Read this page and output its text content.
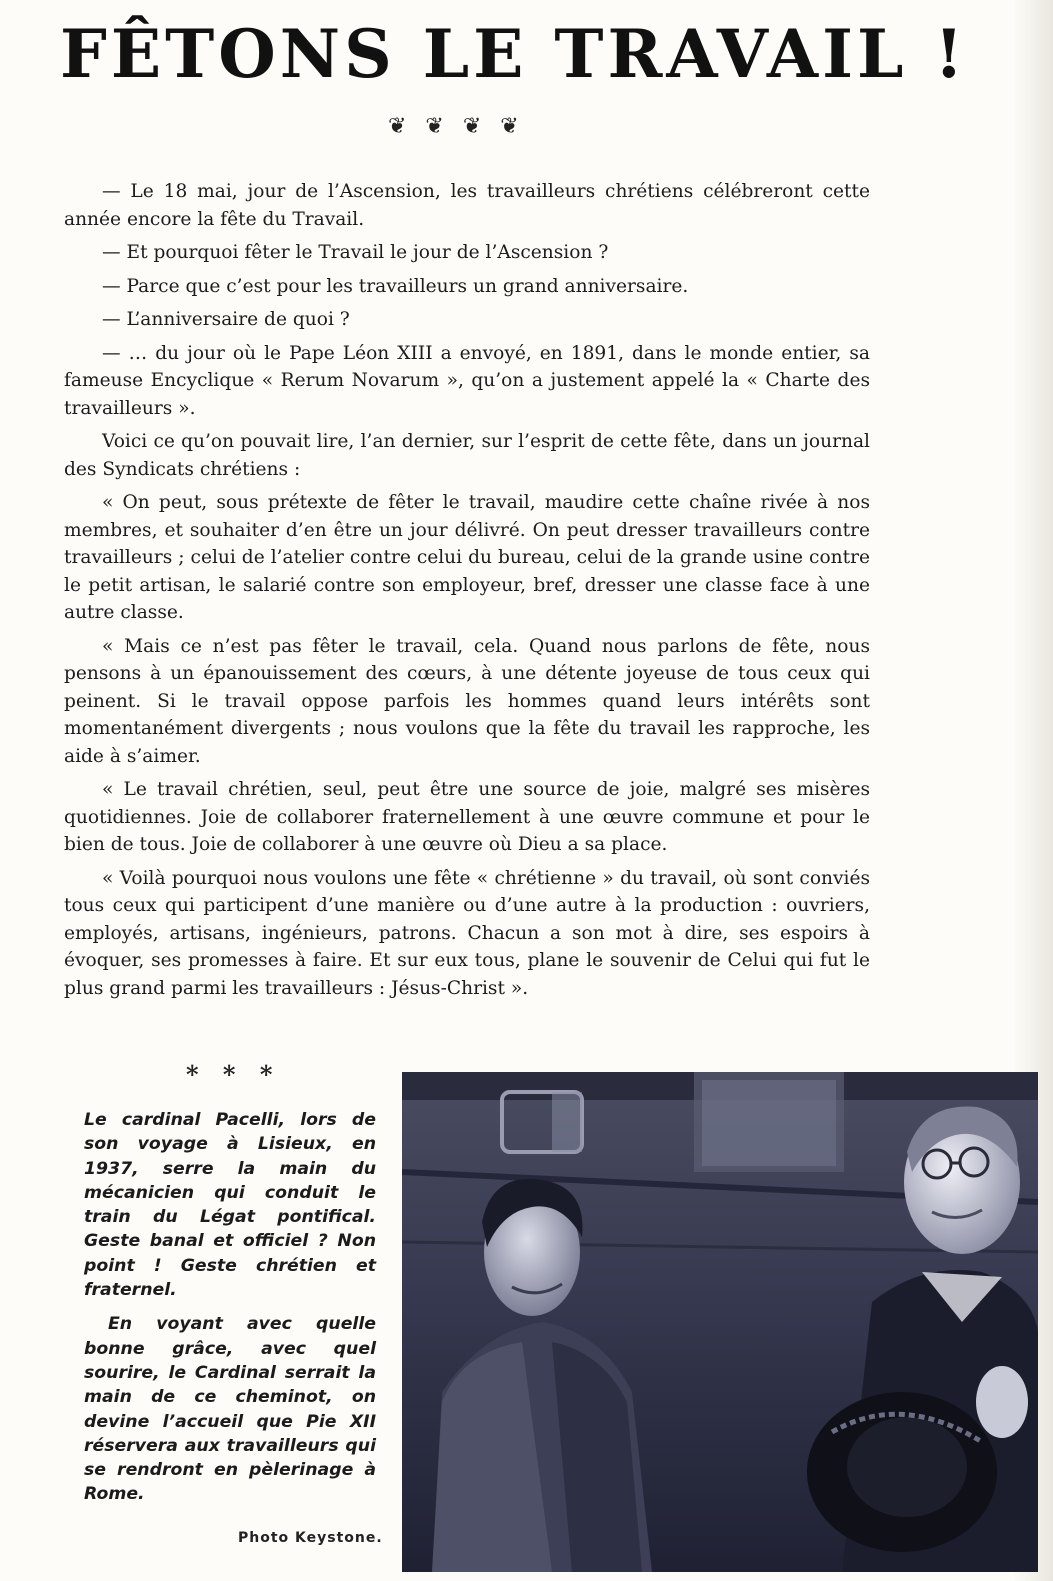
FÊTONS LE TRAVAIL !
❦ ❦ ❦ ❦

— Le 18 mai, jour de l’Ascension, les travailleurs chrétiens célébreront cette année encore la fête du Travail.

— Et pourquoi fêter le Travail le jour de l’Ascension ?

— Parce que c’est pour les travailleurs un grand anniversaire.

— L’anniversaire de quoi ?

— … du jour où le Pape Léon XIII a envoyé, en 1891, dans le monde entier, sa fameuse Encyclique « Rerum Novarum », qu’on a justement appelé la « Charte des travailleurs ».

Voici ce qu’on pouvait lire, l’an dernier, sur l’esprit de cette fête, dans un journal des Syndicats chrétiens :

« On peut, sous prétexte de fêter le travail, maudire cette chaîne rivée à nos membres, et souhaiter d’en être un jour délivré. On peut dresser travailleurs contre travailleurs ; celui de l’atelier contre celui du bureau, celui de la grande usine contre le petit artisan, le salarié contre son employeur, bref, dresser une classe face à une autre classe.

« Mais ce n’est pas fêter le travail, cela. Quand nous parlons de fête, nous pensons à un épanouissement des cœurs, à une détente joyeuse de tous ceux qui peinent. Si le travail oppose parfois les hommes quand leurs intérêts sont momentanément divergents ; nous voulons que la fête du travail les rapproche, les aide à s’aimer.

« Le travail chrétien, seul, peut être une source de joie, malgré ses misères quotidiennes. Joie de collaborer fraternellement à une œuvre commune et pour le bien de tous. Joie de collaborer à une œuvre où Dieu a sa place.

« Voilà pourquoi nous voulons une fête « chrétienne » du travail, où sont conviés tous ceux qui participent d’une manière ou d’une autre à la production : ouvriers, employés, artisans, ingénieurs, patrons. Chacun a son mot à dire, ses espoirs à évoquer, ses promesses à faire. Et sur eux tous, plane le souvenir de Celui qui fut le plus grand parmi les travailleurs : Jésus-Christ ».

* * *

Le cardinal Pacelli, lors de son voyage à Lisieux, en 1937, serre la main du mécanicien qui conduit le train du Légat pontifical. Geste banal et officiel ? Non point ! Geste chrétien et fraternel.

En voyant avec quelle bonne grâce, avec quel sourire, le Cardinal serrait la main de ce cheminot, on devine l’accueil que Pie XII réservera aux travailleurs qui se rendront en pèlerinage à Rome.

Photo Keystone.
